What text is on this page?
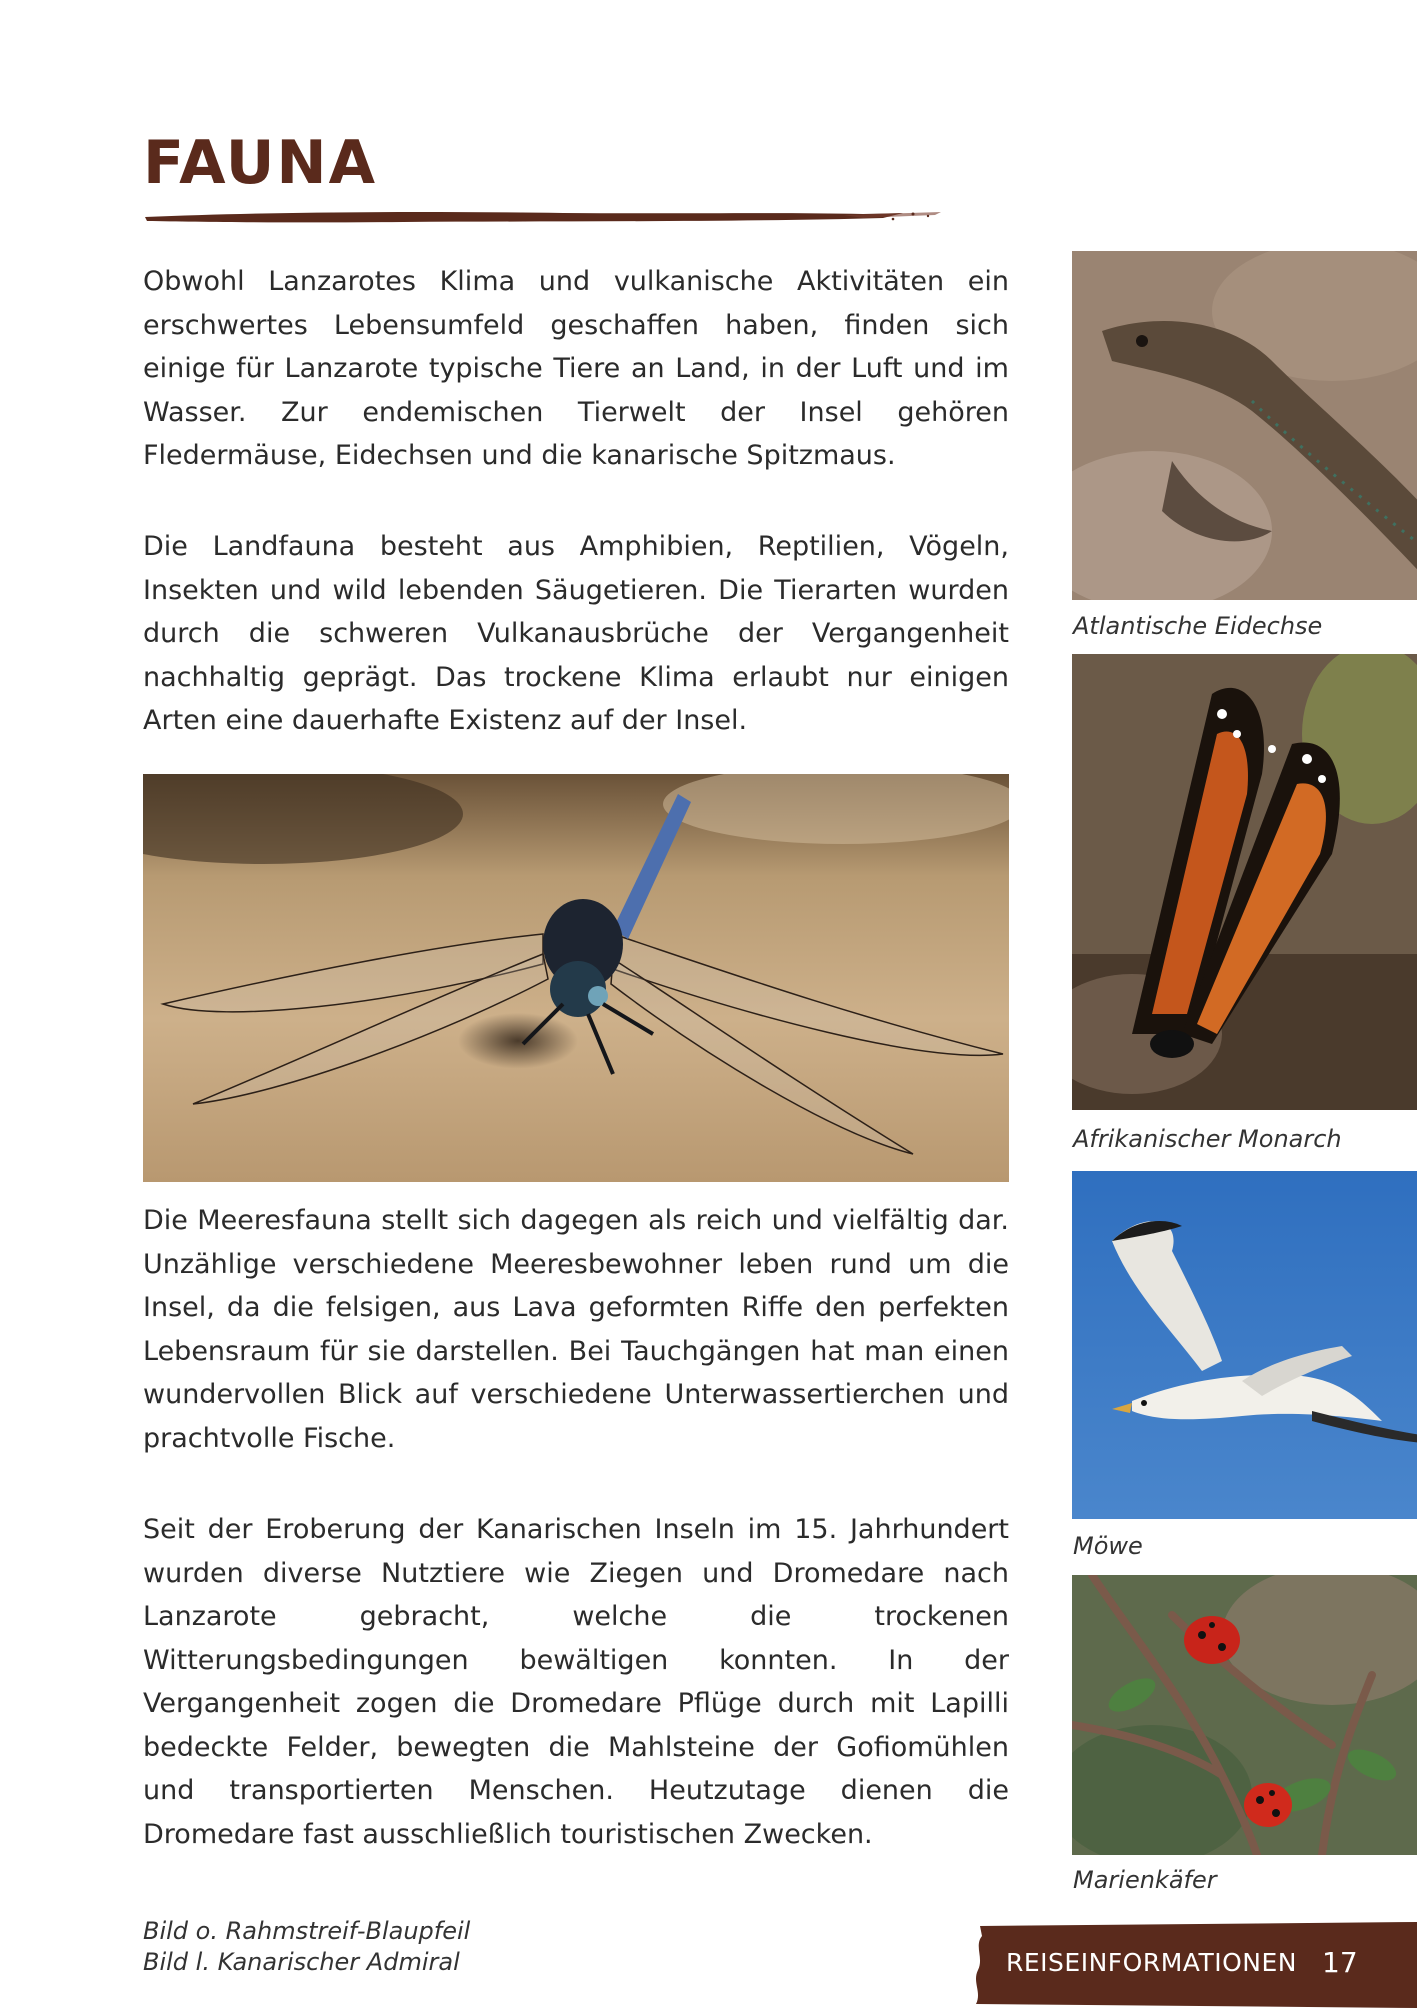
FAUNA

Obwohl Lanzarotes Klima und vulkanische Aktivitäten ein erschwertes Lebensumfeld geschaffen haben, finden sich einige für Lanzarote typische Tiere an Land, in der Luft und im Wasser. Zur endemischen Tierwelt der Insel gehören Fledermäuse, Eidechsen und die kanarische Spitzmaus.

Die Landfauna besteht aus Amphibien, Reptilien, Vögeln, Insekten und wild lebenden Säugetieren. Die Tierarten wurden durch die schweren Vulkanausbrüche der Vergangenheit nachhaltig geprägt. Das trockene Klima erlaubt nur einigen Arten eine dauerhafte Existenz auf der Insel.

Die Meeresfauna stellt sich dagegen als reich und vielfältig dar. Unzählige verschiedene Meeresbewohner leben rund um die Insel, da die felsigen, aus Lava geformten Riffe den perfekten Lebensraum für sie darstellen. Bei Tauchgängen hat man einen wundervollen Blick auf verschiedene Unterwassertierchen und prachtvolle Fische.

Seit der Eroberung der Kanarischen Inseln im 15. Jahrhundert wurden diverse Nutztiere wie Ziegen und Dromedare nach Lanzarote gebracht, welche die trockenen Witterungsbedingungen bewältigen konnten. In der Vergangenheit zogen die Dromedare Pflüge durch mit Lapilli bedeckte Felder, bewegten die Mahlsteine der Gofiomühlen und transportierten Menschen. Heutzutage dienen die Dromedare fast ausschließlich touristischen Zwecken.

Atlantische Eidechse

Afrikanischer Monarch

Möwe

Marienkäfer

Bild o. Rahmstreif-Blaupfeil
Bild l. Kanarischer Admiral	REISEINFORMATIONEN 17
